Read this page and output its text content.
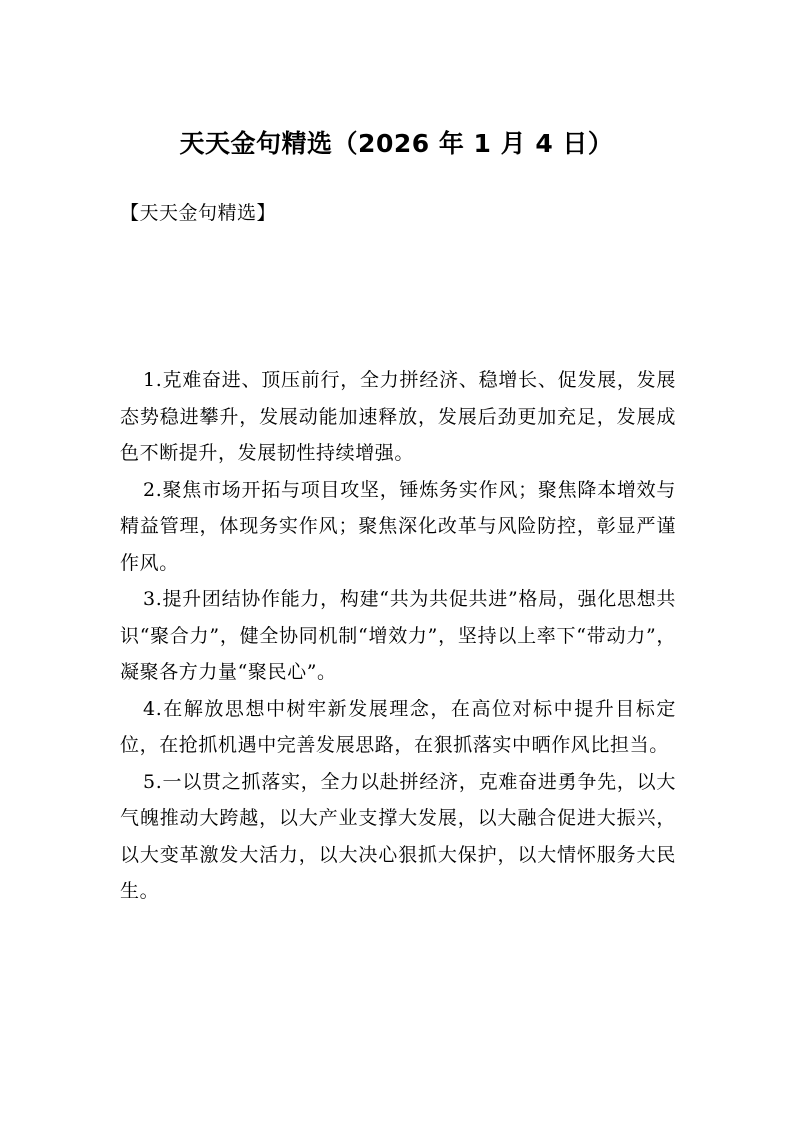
天天金句精选（2026 年 1 月 4 日）

【天天金句精选】

1.克难奋进、顶压前行，全力拼经济、稳增长、促发展，发展态势稳进攀升，发展动能加速释放，发展后劲更加充足，发展成色不断提升，发展韧性持续增强。

2.聚焦市场开拓与项目攻坚，锤炼务实作风；聚焦降本增效与精益管理，体现务实作风；聚焦深化改革与风险防控，彰显严谨作风。

3.提升团结协作能力，构建“共为共促共进”格局，强化思想共识“聚合力”，健全协同机制“增效力”，坚持以上率下“带动力”，凝聚各方力量“聚民心”。

4.在解放思想中树牢新发展理念，在高位对标中提升目标定位，在抢抓机遇中完善发展思路，在狠抓落实中晒作风比担当。

5.一以贯之抓落实，全力以赴拼经济，克难奋进勇争先，以大气魄推动大跨越，以大产业支撑大发展，以大融合促进大振兴，以大变革激发大活力，以大决心狠抓大保护，以大情怀服务大民生。
